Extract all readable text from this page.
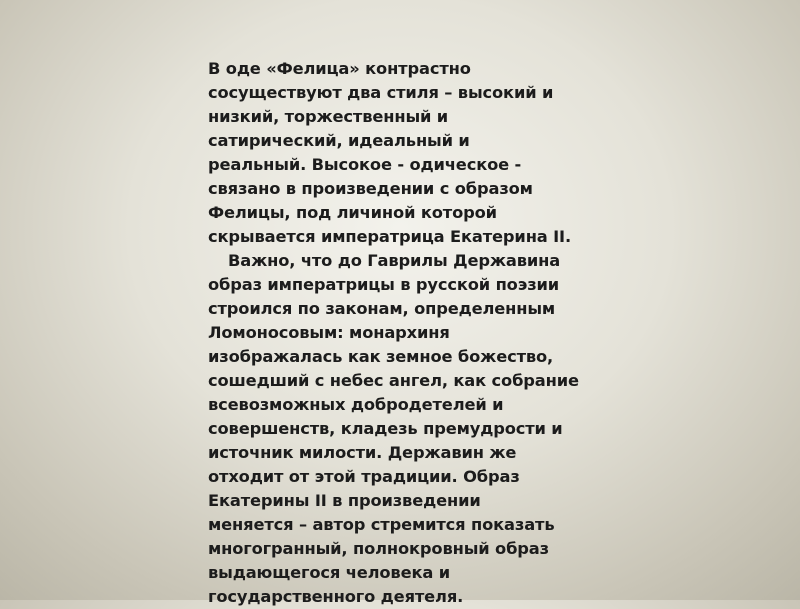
В оде «Фелица» контрастно
сосуществуют два стиля – высокий и
низкий, торжественный и
сатирический, идеальный и
реальный. Высокое - одическое -
связано в произведении с образом
Фелицы, под личиной которой
скрывается императрица Екатерина II.
Важно, что до Гаврилы Державина
образ императрицы в русской поэзии
строился по законам, определенным
Ломоносовым: монархиня
изображалась как земное божество,
сошедший с небес ангел, как собрание
всевозможных добродетелей и
совершенств, кладезь премудрости и
источник милости. Державин же
отходит от этой традиции. Образ
Екатерины II в произведении
меняется – автор стремится показать
многогранный, полнокровный образ
выдающегося человека и
государственного деятеля.
